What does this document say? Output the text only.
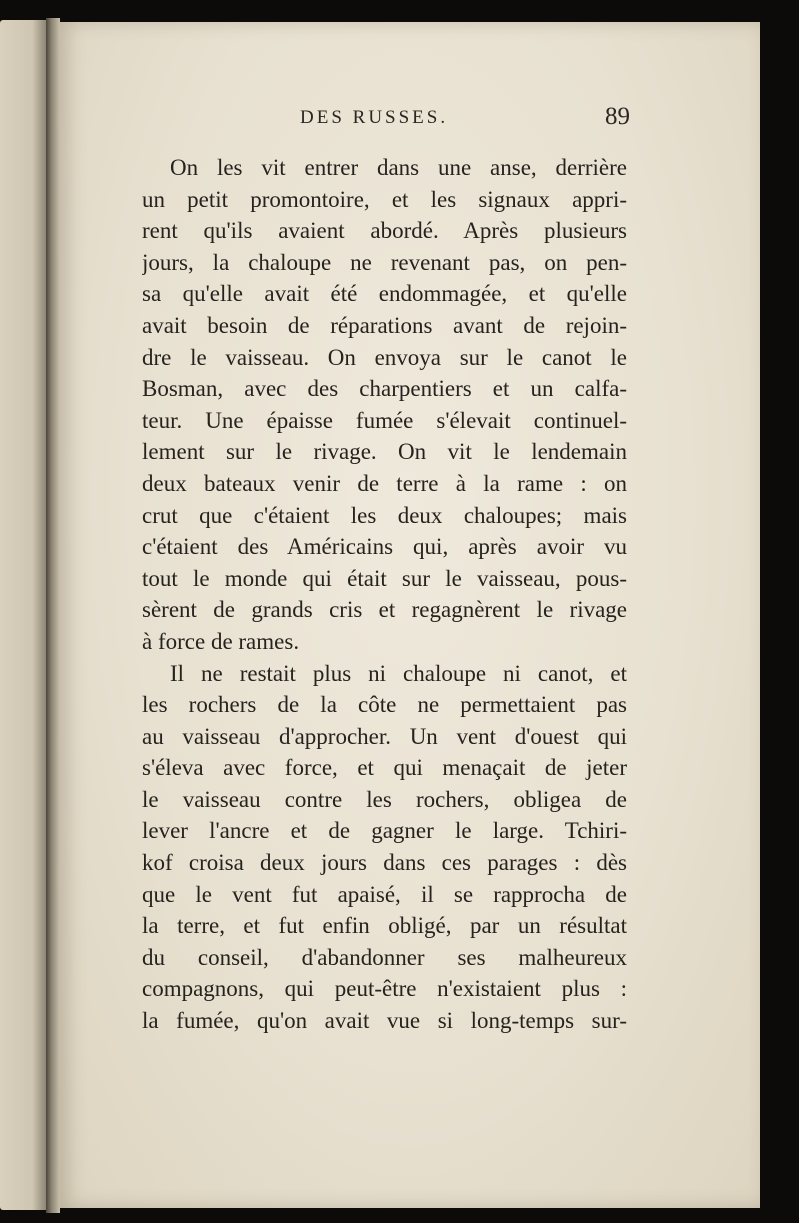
DES RUSSES.	89
On les vit entrer dans une anse, derrière
un petit promontoire, et les signaux appri-
rent qu'ils avaient abordé. Après plusieurs
jours, la chaloupe ne revenant pas, on pen-
sa qu'elle avait été endommagée, et qu'elle
avait besoin de réparations avant de rejoin-
dre le vaisseau. On envoya sur le canot le
Bosman, avec des charpentiers et un calfa-
teur. Une épaisse fumée s'élevait continuel-
lement sur le rivage. On vit le lendemain
deux bateaux venir de terre à la rame : on
crut que c'étaient les deux chaloupes; mais
c'étaient des Américains qui, après avoir vu
tout le monde qui était sur le vaisseau, pous-
sèrent de grands cris et regagnèrent le rivage
à force de rames.
Il ne restait plus ni chaloupe ni canot, et
les rochers de la côte ne permettaient pas
au vaisseau d'approcher. Un vent d'ouest qui
s'éleva avec force, et qui menaçait de jeter
le vaisseau contre les rochers, obligea de
lever l'ancre et de gagner le large. Tchiri-
kof croisa deux jours dans ces parages : dès
que le vent fut apaisé, il se rapprocha de
la terre, et fut enfin obligé, par un résultat
du conseil, d'abandonner ses malheureux
compagnons, qui peut-être n'existaient plus :
la fumée, qu'on avait vue si long-temps sur-
